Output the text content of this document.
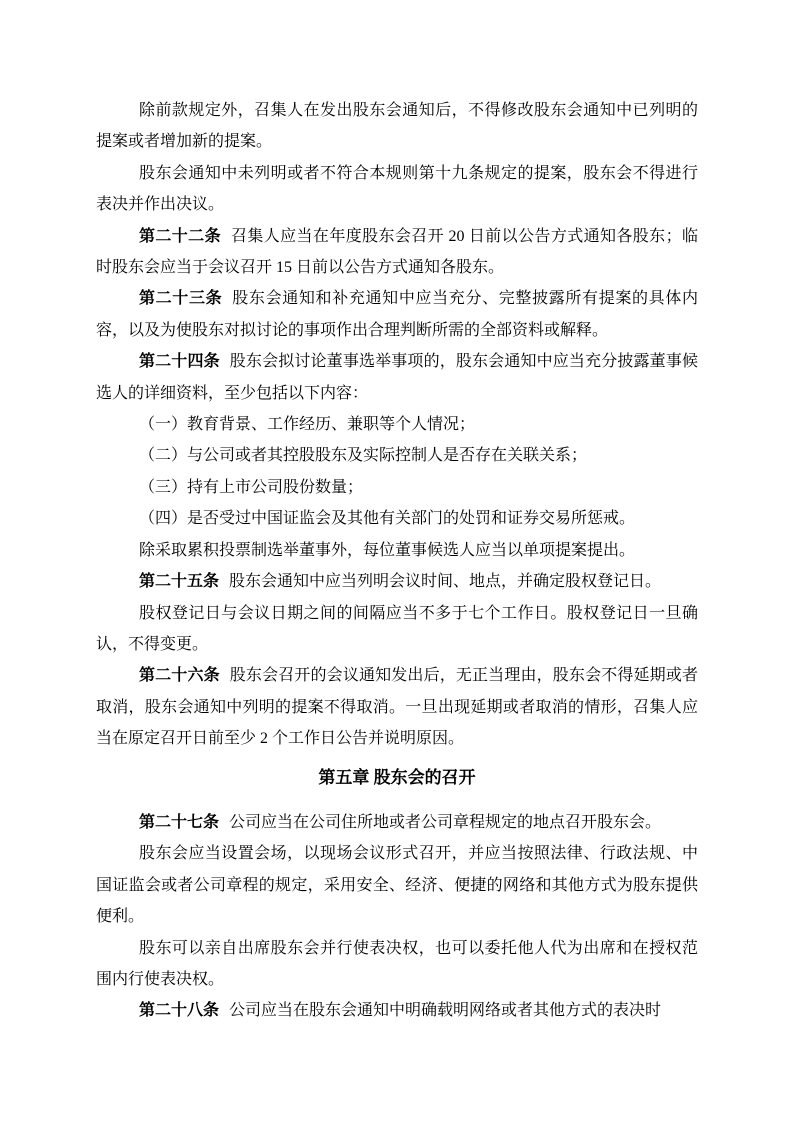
除前款规定外，召集人在发出股东会通知后，不得修改股东会通知中已列明的提案或者增加新的提案。

股东会通知中未列明或者不符合本规则第十九条规定的提案，股东会不得进行表决并作出决议。

第二十二条 召集人应当在年度股东会召开 20 日前以公告方式通知各股东；临时股东会应当于会议召开 15 日前以公告方式通知各股东。

第二十三条 股东会通知和补充通知中应当充分、完整披露所有提案的具体内容，以及为使股东对拟讨论的事项作出合理判断所需的全部资料或解释。

第二十四条 股东会拟讨论董事选举事项的，股东会通知中应当充分披露董事候选人的详细资料，至少包括以下内容：

（一）教育背景、工作经历、兼职等个人情况；

（二）与公司或者其控股股东及实际控制人是否存在关联关系；

（三）持有上市公司股份数量；

（四）是否受过中国证监会及其他有关部门的处罚和证券交易所惩戒。

除采取累积投票制选举董事外，每位董事候选人应当以单项提案提出。

第二十五条 股东会通知中应当列明会议时间、地点，并确定股权登记日。

股权登记日与会议日期之间的间隔应当不多于七个工作日。股权登记日一旦确认，不得变更。

第二十六条 股东会召开的会议通知发出后，无正当理由，股东会不得延期或者取消，股东会通知中列明的提案不得取消。一旦出现延期或者取消的情形，召集人应当在原定召开日前至少 2 个工作日公告并说明原因。

第五章 股东会的召开

第二十七条 公司应当在公司住所地或者公司章程规定的地点召开股东会。

股东会应当设置会场，以现场会议形式召开，并应当按照法律、行政法规、中国证监会或者公司章程的规定，采用安全、经济、便捷的网络和其他方式为股东提供便利。

股东可以亲自出席股东会并行使表决权，也可以委托他人代为出席和在授权范围内行使表决权。

第二十八条 公司应当在股东会通知中明确载明网络或者其他方式的表决时
